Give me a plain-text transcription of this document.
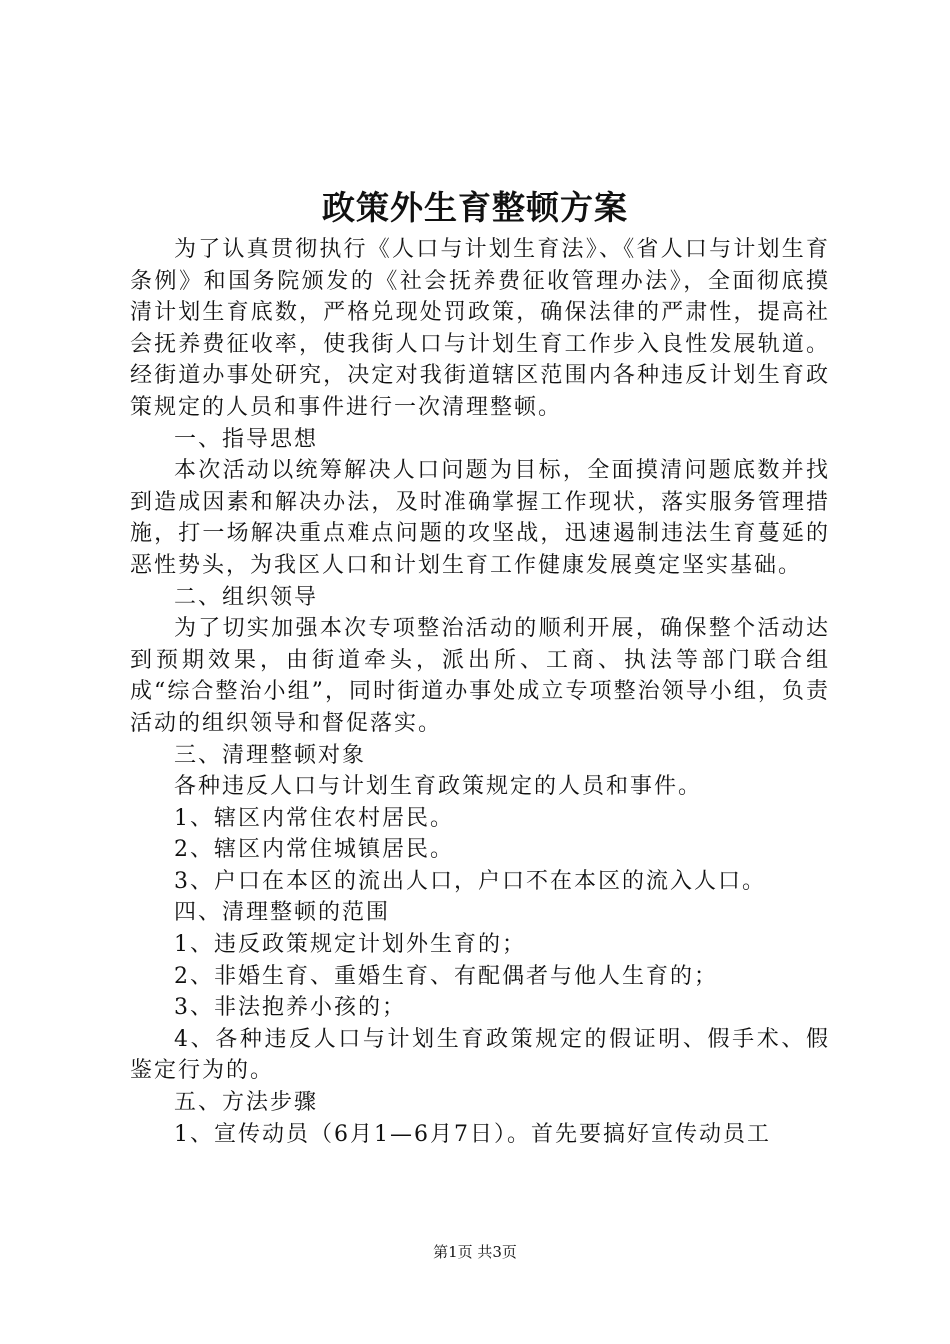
政策外生育整顿方案

为了认真贯彻执行《人口与计划生育法》、《省人口与计划生育条例》和国务院颁发的《社会抚养费征收管理办法》，全面彻底摸清计划生育底数，严格兑现处罚政策，确保法律的严肃性，提高社会抚养费征收率，使我街人口与计划生育工作步入良性发展轨道。经街道办事处研究，决定对我街道辖区范围内各种违反计划生育政策规定的人员和事件进行一次清理整顿。

一、指导思想

本次活动以统筹解决人口问题为目标，全面摸清问题底数并找到造成因素和解决办法，及时准确掌握工作现状，落实服务管理措施，打一场解决重点难点问题的攻坚战，迅速遏制违法生育蔓延的恶性势头，为我区人口和计划生育工作健康发展奠定坚实基础。

二、组织领导

为了切实加强本次专项整治活动的顺利开展，确保整个活动达到预期效果，由街道牵头，派出所、工商、执法等部门联合组成“综合整治小组”，同时街道办事处成立专项整治领导小组，负责活动的组织领导和督促落实。

三、清理整顿对象

各种违反人口与计划生育政策规定的人员和事件。

1、辖区内常住农村居民。

2、辖区内常住城镇居民。

3、户口在本区的流出人口，户口不在本区的流入人口。

四、清理整顿的范围

1、违反政策规定计划外生育的；

2、非婚生育、重婚生育、有配偶者与他人生育的；

3、非法抱养小孩的；

4、各种违反人口与计划生育政策规定的假证明、假手术、假鉴定行为的。

五、方法步骤

1、宣传动员（6月1—6月7日）。首先要搞好宣传动员工

第1页 共3页
